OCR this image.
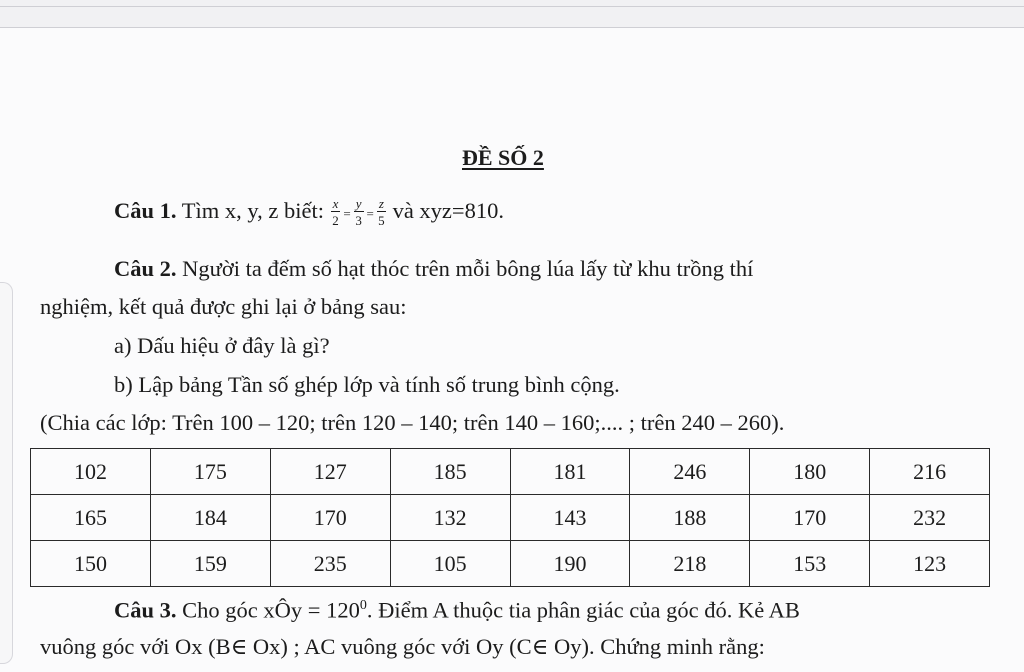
ĐỀ SỐ 2
Câu 1. Tìm x, y, z biết: $\frac{x}{2} = \frac{y}{3} = \frac{z}{5}$ và xyz=810.
Câu 2. Người ta đếm số hạt thóc trên mỗi bông lúa lấy từ khu trồng thí
nghiệm, kết quả được ghi lại ở bảng sau:
a) Dấu hiệu ở đây là gì?
b) Lập bảng Tần số ghép lớp và tính số trung bình cộng.
(Chia các lớp: Trên 100 – 120; trên 120 – 140; trên 140 – 160;.... ; trên 240 – 260).
102	175	127	185	181	246	180	216
165	184	170	132	143	188	170	232
150	159	235	105	190	218	153	123
Câu 3. Cho góc xÔy = $120^0$. Điểm A thuộc tia phân giác của góc đó. Kẻ AB
vuông góc với Ox (B∈ Ox) ; AC vuông góc với Oy (C∈ Oy). Chứng minh rằng:
